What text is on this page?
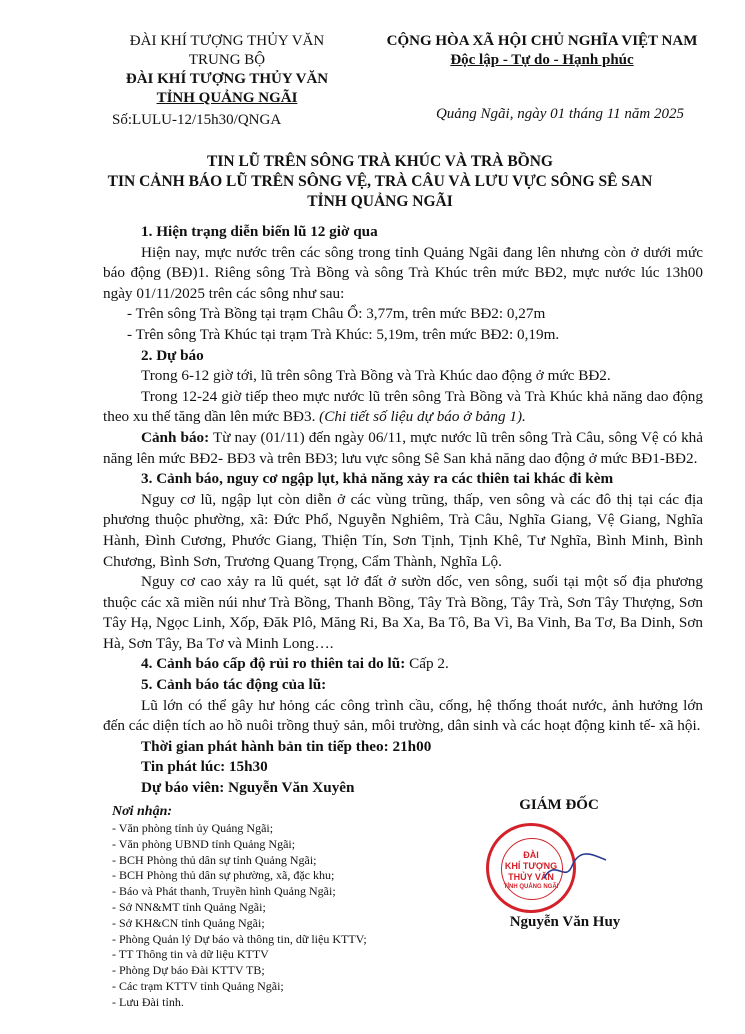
ĐÀI KHÍ TƯỢNG THỦY VĂN
TRUNG BỘ
ĐÀI KHÍ TƯỢNG THỦY VĂN
TỈNH QUẢNG NGÃI
Số:LULU-12/15h30/QNGA
CỘNG HÒA XÃ HỘI CHỦ NGHĨA VIỆT NAM
Độc lập - Tự do - Hạnh phúc
Quảng Ngãi, ngày 01 tháng 11 năm 2025
TIN LŨ TRÊN SÔNG TRÀ KHÚC VÀ TRÀ BỒNG
TIN CẢNH BÁO LŨ TRÊN SÔNG VỆ, TRÀ CÂU VÀ LƯU VỰC SÔNG SÊ SAN
TỈNH QUẢNG NGÃI

1. Hiện trạng diễn biến lũ 12 giờ qua

Hiện nay, mực nước trên các sông trong tỉnh Quảng Ngãi đang lên nhưng còn ở dưới mức báo động (BĐ)1. Riêng sông Trà Bồng và sông Trà Khúc trên mức BĐ2, mực nước lúc 13h00 ngày 01/11/2025 trên các sông như sau:

- Trên sông Trà Bồng tại trạm Châu Ổ: 3,77m, trên mức BĐ2: 0,27m

- Trên sông Trà Khúc tại trạm Trà Khúc: 5,19m, trên mức BĐ2: 0,19m.

2. Dự báo

Trong 6-12 giờ tới, lũ trên sông Trà Bồng và Trà Khúc dao động ở mức BĐ2.

Trong 12-24 giờ tiếp theo mực nước lũ trên sông Trà Bồng và Trà Khúc khả năng dao động theo xu thế tăng dần lên mức BĐ3. (Chi tiết số liệu dự báo ở bảng 1).

Cảnh báo: Từ nay (01/11) đến ngày 06/11, mực nước lũ trên sông Trà Câu, sông Vệ có khả năng lên mức BĐ2- BĐ3 và trên BĐ3; lưu vực sông Sê San khả năng dao động ở mức BĐ1-BĐ2.

3. Cảnh báo, nguy cơ ngập lụt, khả năng xảy ra các thiên tai khác đi kèm

Nguy cơ lũ, ngập lụt còn diễn ở các vùng trũng, thấp, ven sông và các đô thị tại các địa phương thuộc phường, xã: Đức Phổ, Nguyễn Nghiêm, Trà Câu, Nghĩa Giang, Vệ Giang, Nghĩa Hành, Đình Cương, Phước Giang, Thiện Tín, Sơn Tịnh, Tịnh Khê, Tư Nghĩa, Bình Minh, Bình Chương, Bình Sơn, Trương Quang Trọng, Cẩm Thành, Nghĩa Lộ.

Nguy cơ cao xảy ra lũ quét, sạt lở đất ở sườn dốc, ven sông, suối tại một số địa phương thuộc các xã miền núi như Trà Bồng, Thanh Bồng, Tây Trà Bồng, Tây Trà, Sơn Tây Thượng, Sơn Tây Hạ, Ngọc Linh, Xốp, Đăk Plô, Măng Ri, Ba Xa, Ba Tô, Ba Vì, Ba Vinh, Ba Tơ, Ba Dinh, Sơn Hà, Sơn Tây, Ba Tơ và Minh Long….

4. Cảnh báo cấp độ rủi ro thiên tai do lũ: Cấp 2.

5. Cảnh báo tác động của lũ:

Lũ lớn có thể gây hư hỏng các công trình cầu, cống, hệ thống thoát nước, ảnh hưởng lớn đến các diện tích ao hồ nuôi trồng thuỷ sản, môi trường, dân sinh và các hoạt động kinh tế- xã hội.

Thời gian phát hành bản tin tiếp theo: 21h00

Tin phát lúc: 15h30

Dự báo viên: Nguyễn Văn Xuyên

Nơi nhận:
- Văn phòng tỉnh ủy Quảng Ngãi;
- Văn phòng UBND tỉnh Quảng Ngãi;
- BCH Phòng thủ dân sự tỉnh Quảng Ngãi;
- BCH Phòng thủ dân sự phường, xã, đặc khu;
- Báo và Phát thanh, Truyền hình Quảng Ngãi;
- Sở NN&MT tỉnh Quảng Ngãi;
- Sở KH&CN tỉnh Quảng Ngãi;
- Phòng Quản lý Dự báo và thông tin, dữ liệu KTTV;
- TT Thông tin và dữ liệu KTTV
- Phòng Dự báo Đài KTTV TB;
- Các trạm KTTV tỉnh Quảng Ngãi;
- Lưu Đài tỉnh.
GIÁM ĐỐC
ĐÀI
KHÍ TƯỢNG
THỦY VĂN
TỈNH QUẢNG NGÃI
Nguyễn Văn Huy
